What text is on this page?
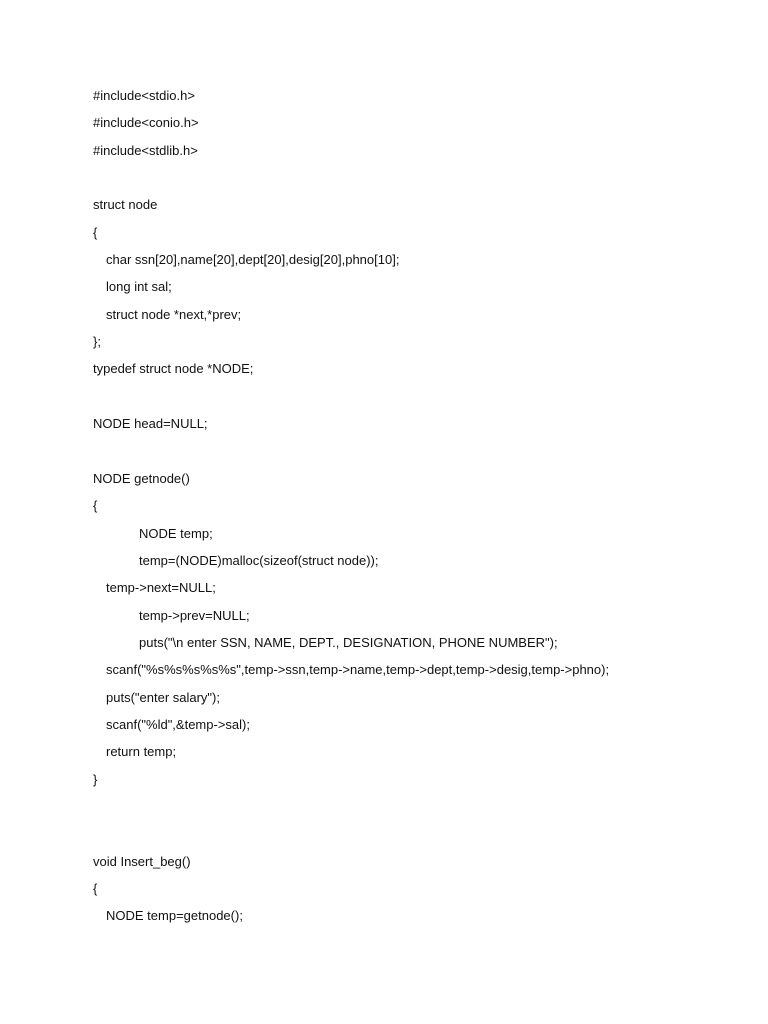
#include<stdio.h>
#include<conio.h>
#include<stdlib.h>
struct node
{
char ssn[20],name[20],dept[20],desig[20],phno[10];
long int sal;
struct node *next,*prev;
};
typedef struct node *NODE;
NODE head=NULL;
NODE getnode()
{
NODE temp;
temp=(NODE)malloc(sizeof(struct node));
temp->next=NULL;
temp->prev=NULL;
puts("\n enter SSN, NAME, DEPT., DESIGNATION, PHONE NUMBER");
scanf("%s%s%s%s%s",temp->ssn,temp->name,temp->dept,temp->desig,temp->phno);
puts("enter salary");
scanf("%ld",&temp->sal);
return temp;
}
void Insert_beg()
{
NODE temp=getnode();
